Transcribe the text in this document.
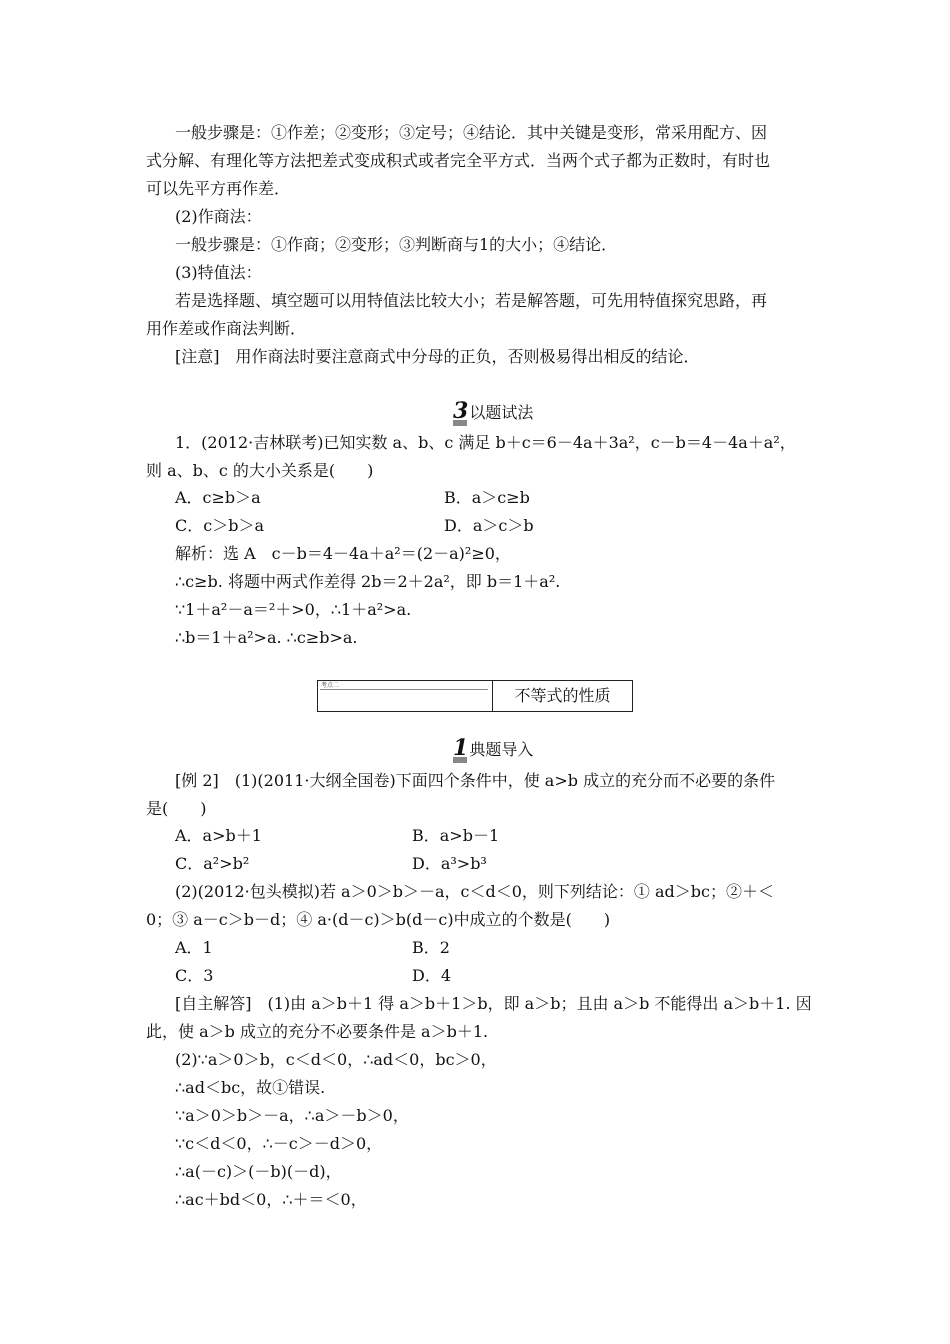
一般步骤是：①作差；②变形；③定号；④结论．其中关键是变形，常采用配方、因
式分解、有理化等方法把差式变成积式或者完全平方式．当两个式子都为正数时，有时也
可以先平方再作差．
(2)作商法：
一般步骤是：①作商；②变形；③判断商与1的大小；④结论．
(3)特值法：
若是选择题、填空题可以用特值法比较大小；若是解答题，可先用特值探究思路，再
用作差或作商法判断．
[注意]　用作商法时要注意商式中分母的正负，否则极易得出相反的结论．
3 以题试法
1．(2012·吉林联考)已知实数 a、b、c 满足 b＋c＝6－4a＋3a²，c－b＝4－4a＋a²，
则 a、b、c 的大小关系是(　　)
A．c≥b＞a	B．a＞c≥b
C．c＞b＞a	D．a＞c＞b
解析：选 A　c－b＝4－4a＋a²＝(2－a)²≥0，
∴c≥b. 将题中两式作差得 2b＝2＋2a²，即 b＝1＋a².
∵1＋a²－a＝²＋>0，∴1＋a²>a.
∴b＝1＋a²>a. ∴c≥b>a.
考点二
不等式的性质
1 典题导入
[例 2]　(1)(2011·大纲全国卷)下面四个条件中，使 a>b 成立的充分而不必要的条件
是(　　)
A．a>b＋1	B．a>b－1
C．a²>b²	D．a³>b³
(2)(2012·包头模拟)若 a＞0＞b＞－a，c＜d＜0，则下列结论：① ad＞bc；②＋＜
0；③ a－c＞b－d；④ a·(d－c)＞b(d－c)中成立的个数是(　　)
A．1	B．2
C．3	D．4
[自主解答]　(1)由 a＞b＋1 得 a＞b＋1＞b，即 a＞b；且由 a＞b 不能得出 a＞b＋1. 因
此，使 a＞b 成立的充分不必要条件是 a＞b＋1.
(2)∵a＞0＞b，c＜d＜0，∴ad＜0，bc＞0，
∴ad＜bc，故①错误.
∵a＞0＞b＞－a，∴a＞－b＞0，
∵c＜d＜0，∴－c＞－d＞0，
∴a(－c)＞(－b)(－d)，
∴ac＋bd＜0，∴＋＝＜0，
